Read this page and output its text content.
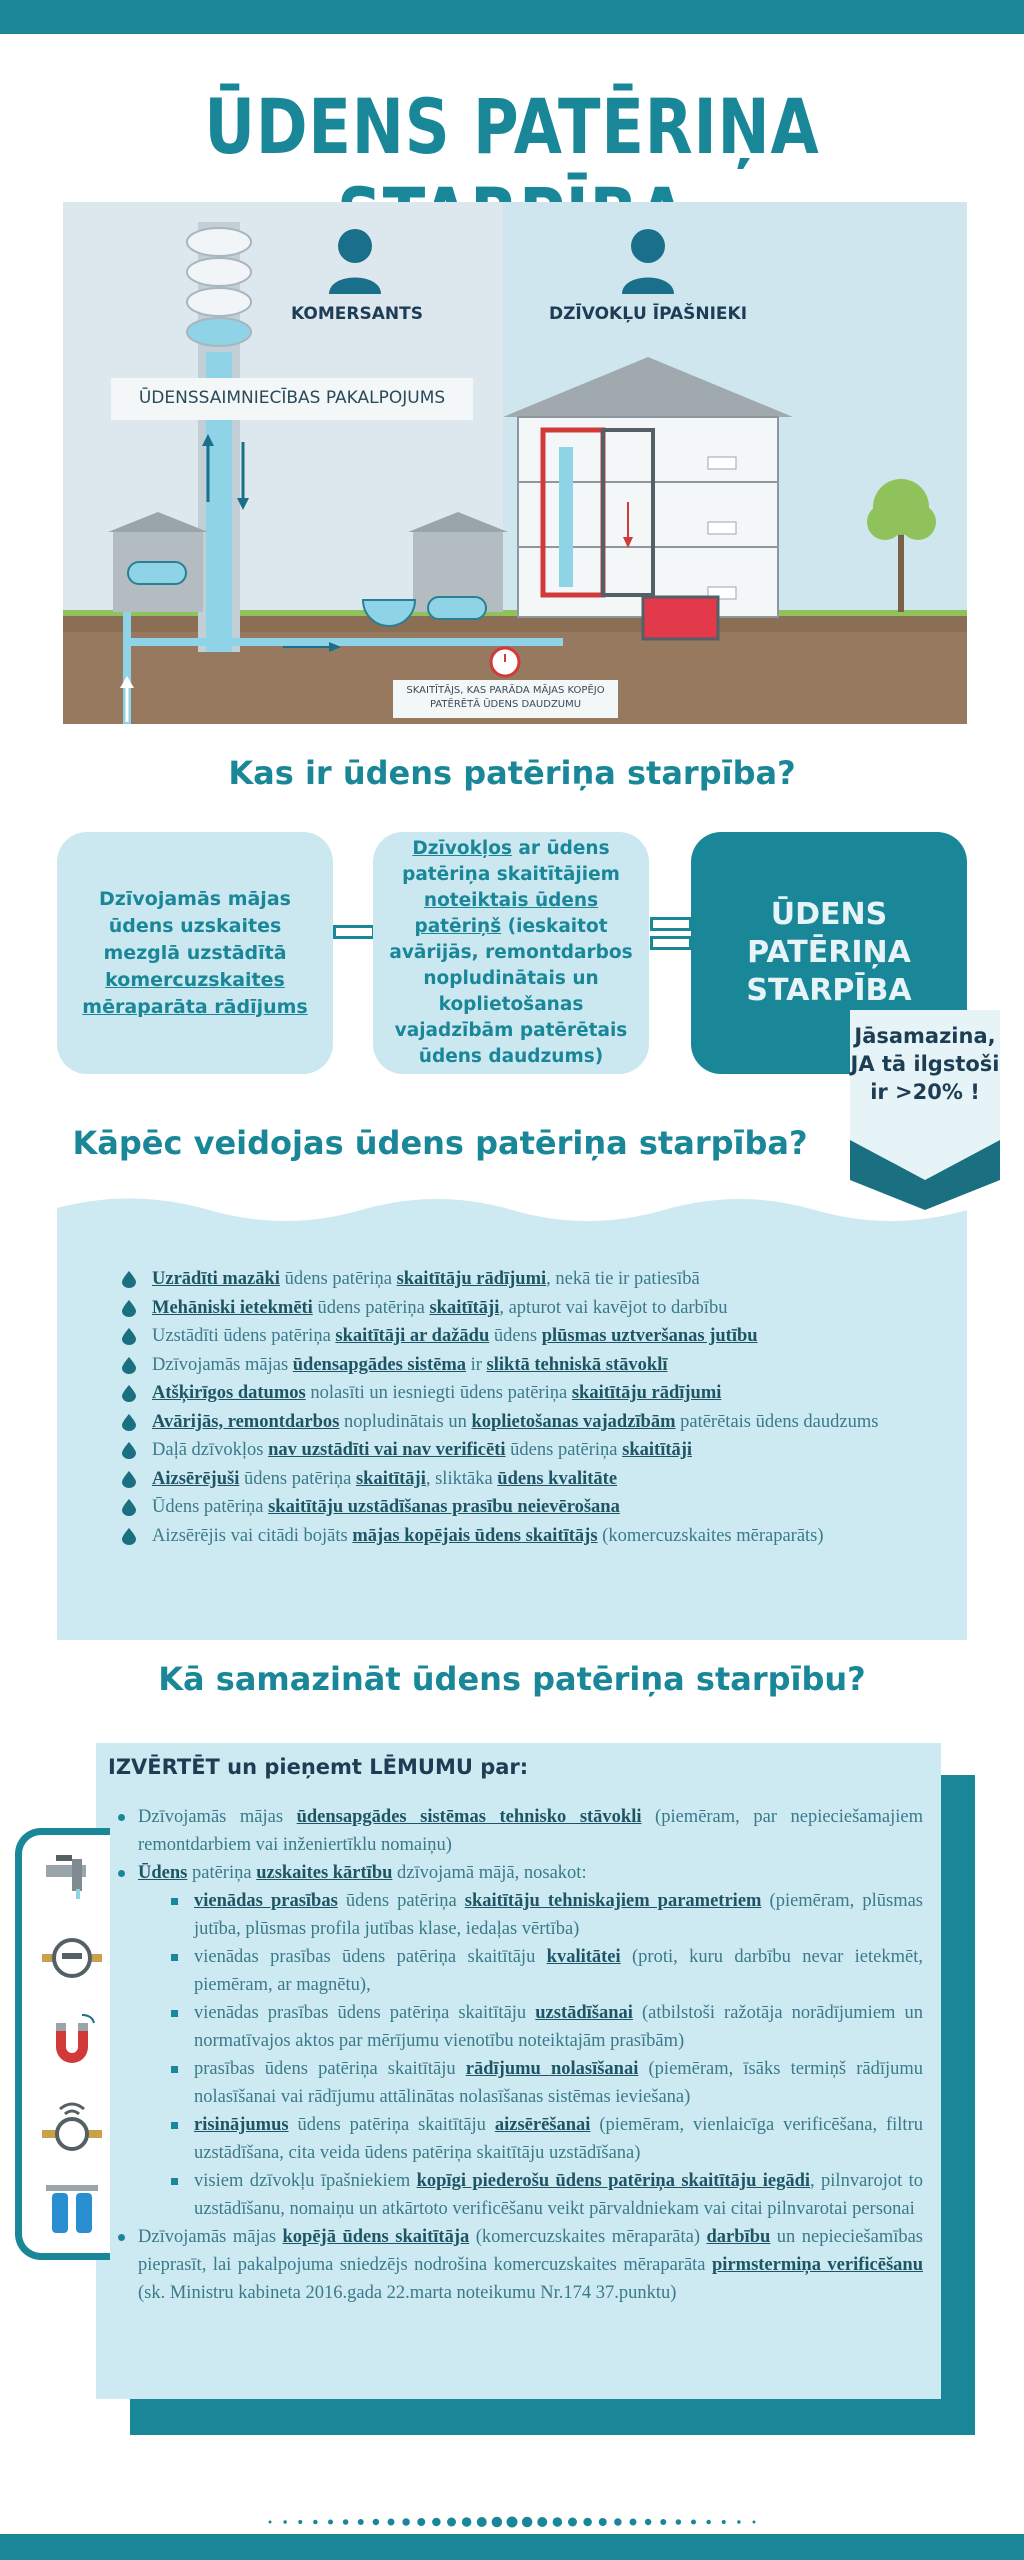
ŪDENS PATĒRIŅA
KOMERSANTS	DZĪVOKĻU ĪPAŠNIEKI
ŪDENSSAIMNIECĪBAS PAKALPOJUMS
SKAITĪTĀJS, KAS PARĀDA MĀJAS KOPĒJO
PATĒRĒTĀ ŪDENS DAUDZUMU
Kas ir ūdens patēriņa starpība?
Dzīvojamās mājas ūdens uzskaites mezglā uzstādītā komercuzskaites mēraparāta rādījums
Dzīvokļos ar ūdens patēriņa skaitītājiem noteiktais ūdens patēriņš (ieskaitot avārijās, remontdarbos nopludinātais un koplietošanas vajadzībām patērētais ūdens daudzums)
ŪDENS PATĒRIŅA STARPĪBA
Jāsamazina, JA tā ilgstoši ir >20% !
Kāpēc veidojas ūdens patēriņa starpība?
Uzrādīti mazāki ūdens patēriņa skaitītāju rādījumi, nekā tie ir patiesībā
Mehāniski ietekmēti ūdens patēriņa skaitītāji, apturot vai kavējot to darbību
Uzstādīti ūdens patēriņa skaitītāji ar dažādu ūdens plūsmas uztveršanas jutību
Dzīvojamās mājas ūdensapgādes sistēma ir sliktā tehniskā stāvoklī
Atšķirīgos datumos nolasīti un iesniegti ūdens patēriņa skaitītāju rādījumi
Avārijās, remontdarbos nopludinātais un koplietošanas vajadzībām patērētais ūdens daudzums
Daļā dzīvokļos nav uzstādīti vai nav verificēti ūdens patēriņa skaitītāji
Aizsērējuši ūdens patēriņa skaitītāji, sliktāka ūdens kvalitāte
Ūdens patēriņa skaitītāju uzstādīšanas prasību neievērošana
Aizsērējis vai citādi bojāts mājas kopējais ūdens skaitītājs (komercuzskaites mēraparāts)
Kā samazināt ūdens patēriņa starpību?
IZVĒRTĒT un pieņemt LĒMUMU par:
Dzīvojamās mājas ūdensapgādes sistēmas tehnisko stāvokli (piemēram, par nepieciešamajiem remontdarbiem vai inženiertīklu nomaiņu)
Ūdens patēriņa uzskaites kārtību dzīvojamā mājā, nosakot:
vienādas prasības ūdens patēriņa skaitītāju tehniskajiem parametriem (piemēram, plūsmas jutība, plūsmas profila jutības klase, iedaļas vērtība)
vienādas prasības ūdens patēriņa skaitītāju kvalitātei (proti, kuru darbību nevar ietekmēt, piemēram, ar magnētu),
vienādas prasības ūdens patēriņa skaitītāju uzstādīšanai (atbilstoši ražotāja norādījumiem un normatīvajos aktos par mērījumu vienotību noteiktajām prasībām)
prasības ūdens patēriņa skaitītāju rādījumu nolasīšanai (piemēram, īsāks termiņš rādījumu nolasīšanai vai rādījumu attālinātas nolasīšanas sistēmas ieviešana)
risinājumus ūdens patēriņa skaitītāju aizsērēšanai (piemēram, vienlaicīga verificēšana, filtru uzstādīšana, cita veida ūdens patēriņa skaitītāju uzstādīšana)
visiem dzīvokļu īpašniekiem kopīgi piederošu ūdens patēriņa skaitītāju iegādi, pilnvarojot to uzstādīšanu, nomaiņu un atkārtoto verificēšanu veikt pārvaldniekam vai citai pilnvarotai personai
Dzīvojamās mājas kopējā ūdens skaitītāja (komercuzskaites mēraparāta) darbību un nepieciešamības pieprasīt, lai pakalpojuma sniedzējs nodrošina komercuzskaites mēraparāta pirmstermiņa verificēšanu (sk. Ministru kabineta 2016.gada 22.marta noteikumu Nr.174 37.punktu)
